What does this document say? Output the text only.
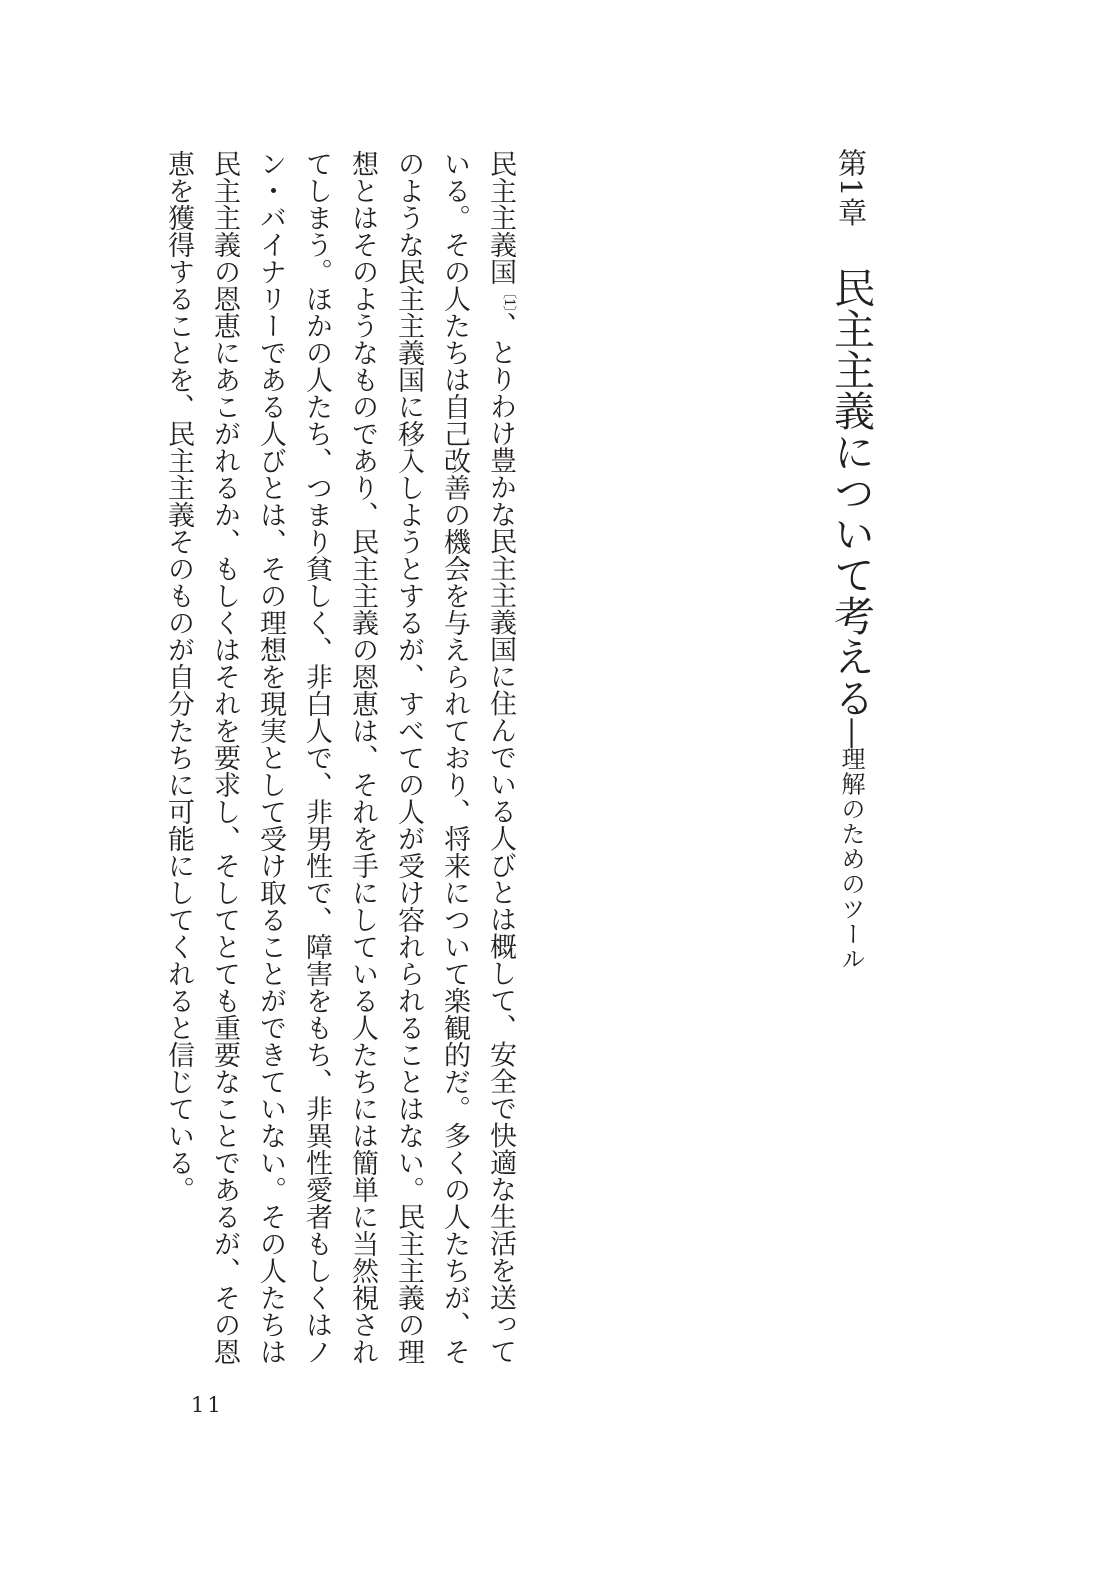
第1章民主主義について考える──理解のためのツール
民主主義国〔1〕、とりわけ豊かな民主主義国に住んでいる人びとは概して、安全で快適な生活を送って
いる。その人たちは自己改善の機会を与えられており、将来について楽観的だ。多くの人たちが、そ
のような民主主義国に移入しようとするが、すべての人が受け容れられることはない。民主主義の理
想とはそのようなものであり、民主主義の恩恵は、それを手にしている人たちには簡単に当然視され
てしまう。ほかの人たち、つまり貧しく、非白人で、非男性で、障害をもち、非異性愛者もしくはノ
ン・バイナリーである人びとは、その理想を現実として受け取ることができていない。その人たちは
民主主義の恩恵にあこがれるか、もしくはそれを要求し、そしてとても重要なことであるが、その恩
恵を獲得することを、民主主義そのものが自分たちに可能にしてくれると信じている。
11
